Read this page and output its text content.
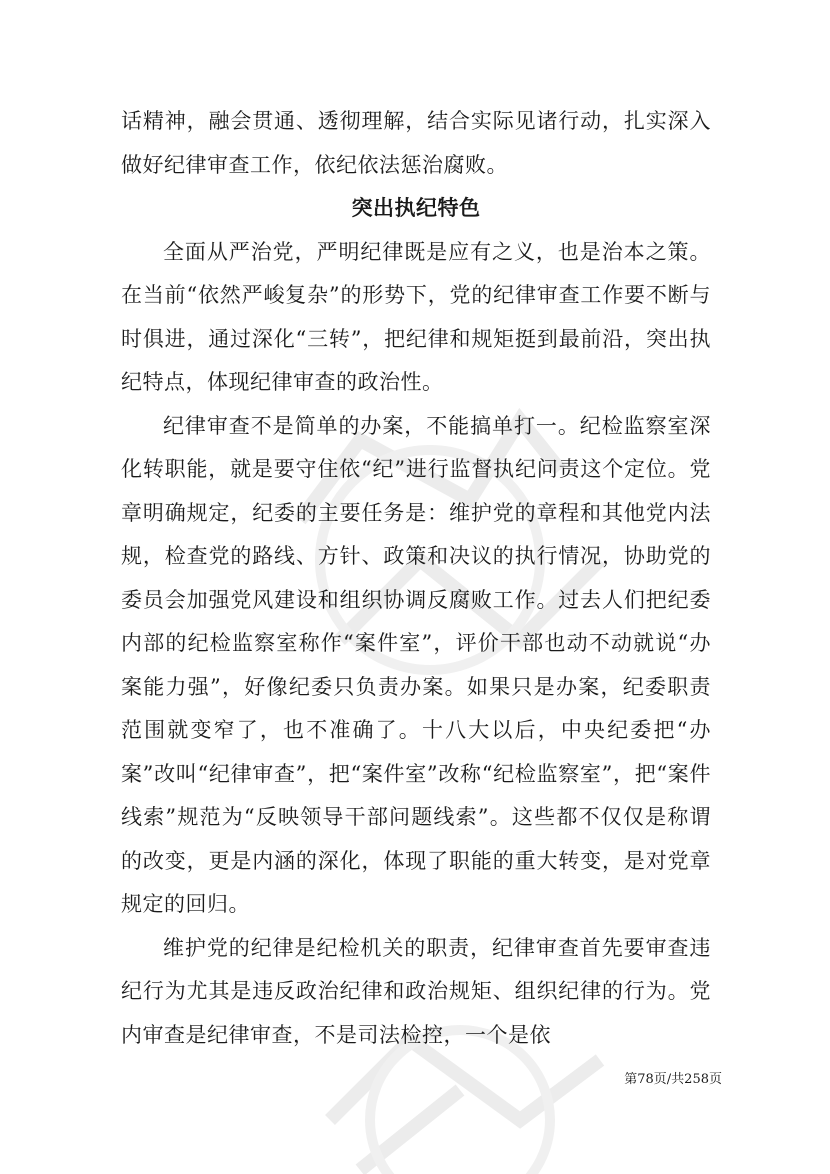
话精神，融会贯通、透彻理解，结合实际见诸行动，扎实深入做好纪律审查工作，依纪依法惩治腐败。

突出执纪特色

全面从严治党，严明纪律既是应有之义，也是治本之策。在当前“依然严峻复杂”的形势下，党的纪律审查工作要不断与时俱进，通过深化“三转”，把纪律和规矩挺到最前沿，突出执纪特点，体现纪律审查的政治性。

纪律审查不是简单的办案，不能搞单打一。纪检监察室深化转职能，就是要守住依“纪”进行监督执纪问责这个定位。党章明确规定，纪委的主要任务是：维护党的章程和其他党内法规，检查党的路线、方针、政策和决议的执行情况，协助党的委员会加强党风建设和组织协调反腐败工作。过去人们把纪委内部的纪检监察室称作“案件室”，评价干部也动不动就说“办案能力强”，好像纪委只负责办案。如果只是办案，纪委职责范围就变窄了，也不准确了。十八大以后，中央纪委把“办案”改叫“纪律审查”，把“案件室”改称“纪检监察室”，把“案件线索”规范为“反映领导干部问题线索”。这些都不仅仅是称谓的改变，更是内涵的深化，体现了职能的重大转变，是对党章规定的回归。

维护党的纪律是纪检机关的职责，纪律审查首先要审查违纪行为尤其是违反政治纪律和政治规矩、组织纪律的行为。党内审查是纪律审查，不是司法检控，一个是依

第78页/共258页
